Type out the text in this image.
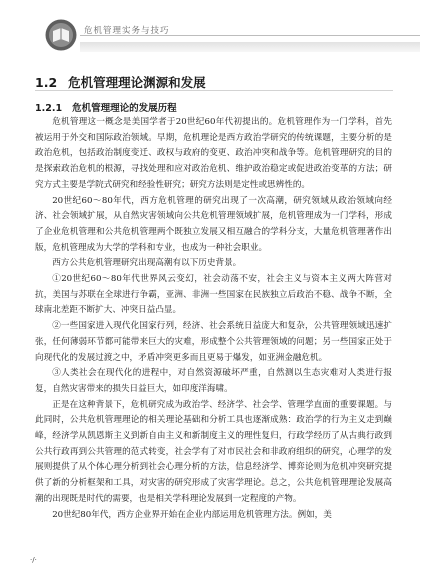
危机管理实务与技巧
1.2 危机管理理论渊源和发展
1.2.1 危机管理理论的发展历程

危机管理这一概念是美国学者于20世纪60年代初提出的。危机管理作为一门学科，首先被运用于外交和国际政治领域。早期，危机理论是西方政治学研究的传统课题，主要分析的是政治危机，包括政治制度变迁、政权与政府的变更、政治冲突和战争等。危机管理研究的目的是探索政治危机的根源，寻找处理和应对政治危机、维护政治稳定或促进政治变革的方法；研究方式主要是学院式研究和经验性研究；研究方法则是定性或思辨性的。

20世纪60～80年代，西方危机管理的研究出现了一次高潮，研究领域从政治领域向经济、社会领域扩展，从自然灾害领域向公共危机管理领域扩展，危机管理成为一门学科，形成了企业危机管理和公共危机管理两个既独立发展又相互融合的学科分支，大量危机管理著作出版，危机管理成为大学的学科和专业，也成为一种社会职业。

西方公共危机管理研究出现高潮有以下历史背景。

①20世纪60～80年代世界风云变幻，社会动荡不安，社会主义与资本主义两大阵营对抗，美国与苏联在全球进行争霸，亚洲、非洲一些国家在民族独立后政治不稳、战争不断，全球南北差距不断扩大、冲突日益凸显。

②一些国家进入现代化国家行列，经济、社会系统日益庞大和复杂，公共管理领域迅速扩张，任何薄弱环节都可能带来巨大的灾难，形成整个公共管理领域的问题；另一些国家正处于向现代化的发展过渡之中，矛盾冲突更多而且更易于爆发，如亚洲金融危机。

③人类社会在现代化的进程中，对自然资源破坏严重，自然测以生态灾难对人类进行报复，自然灾害带来的损失日益巨大，如印度洋海啸。

正是在这种背景下，危机研究成为政治学、经济学、社会学、管理学直面的重要课题。与此同时，公共危机管理理论的相关理论基础和分析工具也逐渐成熟：政治学的行为主义走到巅峰，经济学从凯恩斯主义到新自由主义和新制度主义的理性复归，行政学经历了从古典行政到公共行政再到公共管理的范式转变，社会学有了对市民社会和非政府组织的研究，心理学的发展则提供了从个体心理分析到社会心理分析的方法，信息经济学、博弈论则为危机冲突研究提供了新的分析框架和工具，对灾害的研究形成了灾害学理论。总之，公共危机管理理论发展高潮的出现既是时代的需要，也是相关学科理论发展到一定程度的产物。

20世纪80年代，西方企业界开始在企业内部运用危机管理方法。例如，美

·/·
